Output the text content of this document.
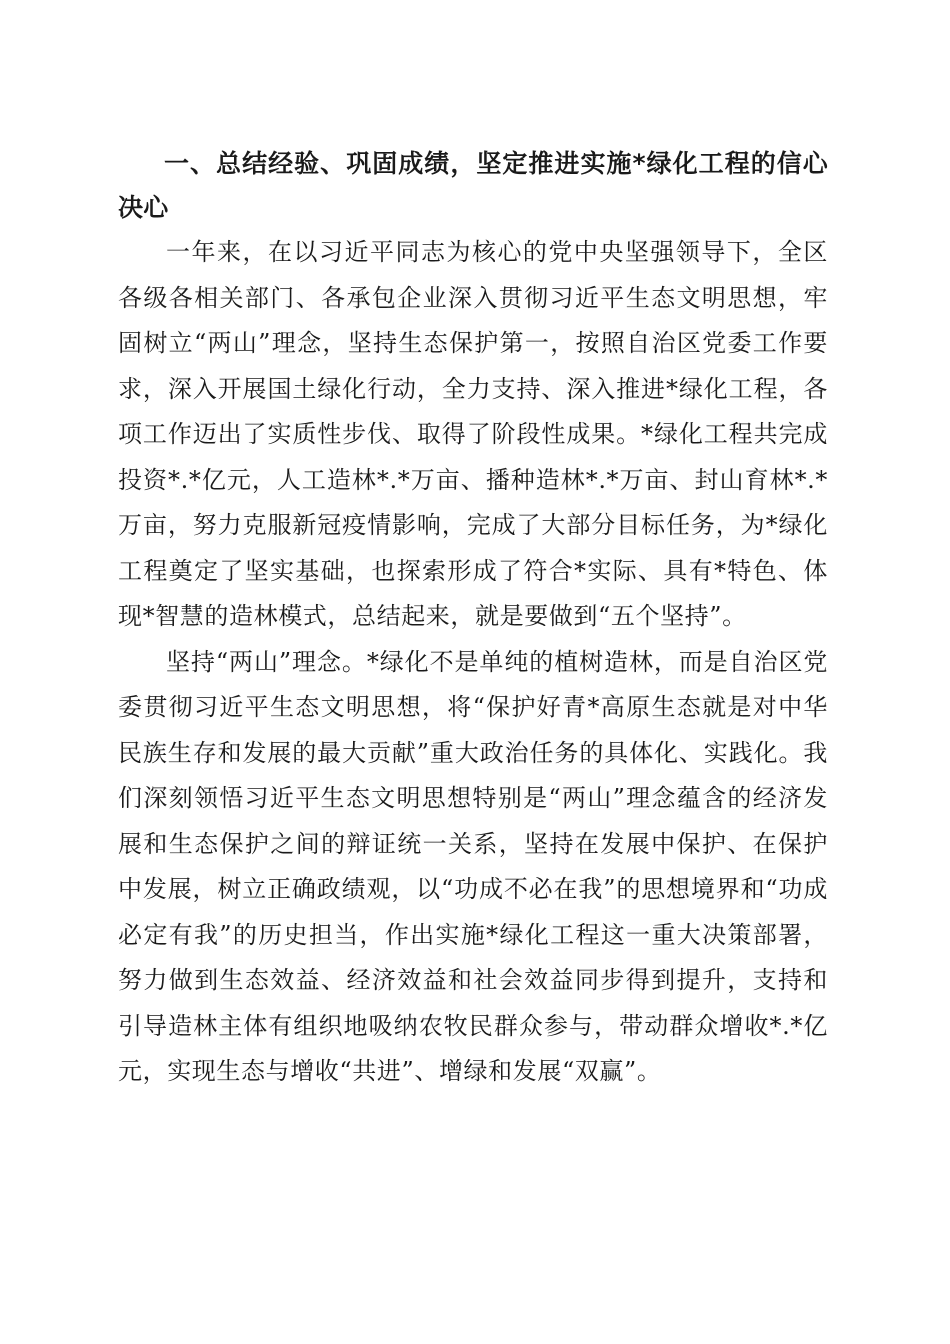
一、总结经验、巩固成绩，坚定推进实施*绿化工程的信心决心

一年来，在以习近平同志为核心的党中央坚强领导下，全区各级各相关部门、各承包企业深入贯彻习近平生态文明思想，牢固树立“两山”理念，坚持生态保护第一，按照自治区党委工作要求，深入开展国土绿化行动，全力支持、深入推进*绿化工程，各项工作迈出了实质性步伐、取得了阶段性成果。*绿化工程共完成投资*.*亿元，人工造林*.*万亩、播种造林*.*万亩、封山育林*.*万亩，努力克服新冠疫情影响，完成了大部分目标任务，为*绿化工程奠定了坚实基础，也探索形成了符合*实际、具有*特色、体现*智慧的造林模式，总结起来，就是要做到“五个坚持”。

坚持“两山”理念。*绿化不是单纯的植树造林，而是自治区党委贯彻习近平生态文明思想，将“保护好青*高原生态就是对中华民族生存和发展的最大贡献”重大政治任务的具体化、实践化。我们深刻领悟习近平生态文明思想特别是“两山”理念蕴含的经济发展和生态保护之间的辩证统一关系，坚持在发展中保护、在保护中发展，树立正确政绩观，以“功成不必在我”的思想境界和“功成必定有我”的历史担当，作出实施*绿化工程这一重大决策部署，努力做到生态效益、经济效益和社会效益同步得到提升，支持和引导造林主体有组织地吸纳农牧民群众参与，带动群众增收*.*亿元，实现生态与增收“共进”、增绿和发展“双赢”。
